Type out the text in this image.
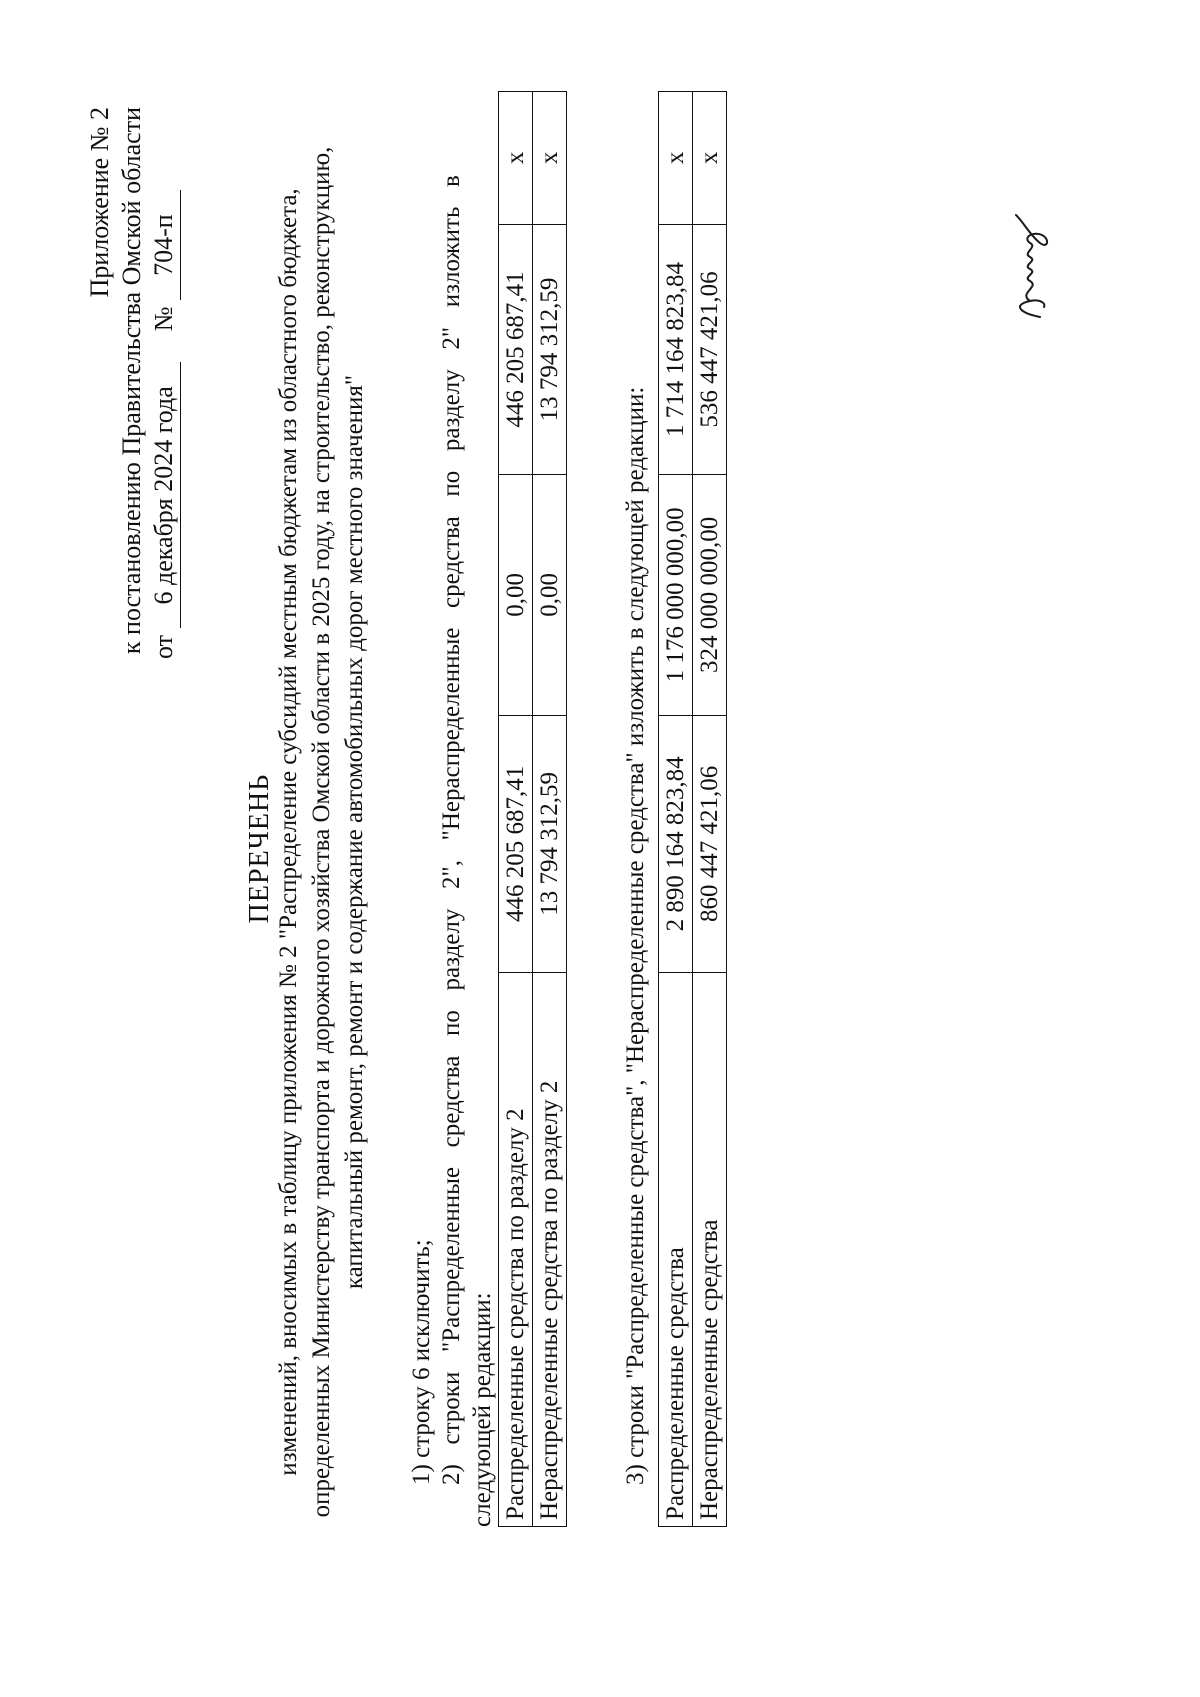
Приложение № 2 к постановлению Правительства Омской области от 6 декабря 2024 года  № 704-п
ПЕРЕЧЕНЬ изменений, вносимых в таблицу приложения № 2 "Распределение субсидий местным бюджетам из областного бюджета, определенных Министерству транспорта и дорожного хозяйства Омской области в 2025 году, на строительство, реконструкцию, капитальный ремонт, ремонт и содержание автомобильных дорог местного значения"
1) строку 6 исключить; 2)
строки
"Распределенные
средства
по
разделу
2",
"Нераспределенные
средства
по
разделу
2"
изложить
в
следующей редакции: Распределенные средства по разделу 2	446 205 687,41	0,00	446 205 687,41	x
Нераспределенные средства по разделу 2	13 794 312,59	0,00	13 794 312,59	x
3) строки "Распределенные средства", "Нераспределенные средства" изложить в следующей редакции: Распределенные средства	2 890 164 823,84	1 176 000 000,00	1 714 164 823,84	x
Нераспределенные средства	860 447 421,06	324 000 000,00	536 447 421,06	x
